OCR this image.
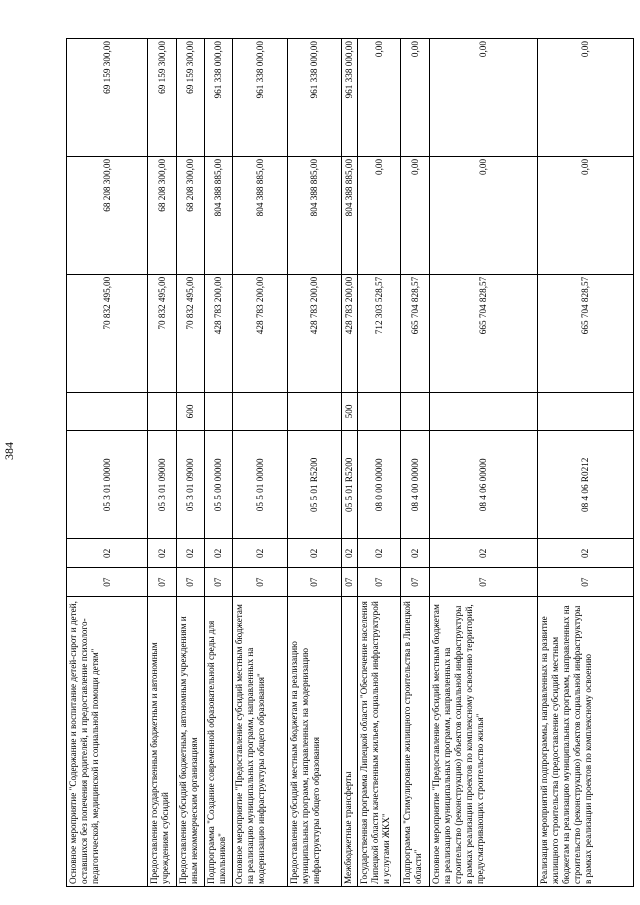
384
Основное мероприятие "Содержание и воспитание детей-сирот и детей, оставшихся без попечения родителей, и предоставление психолого-педагогической, медицинской и социальной помощи детям"	07	02	05 3 01 00000		70 832 495,00	68 208 300,00	69 159 300,00
Предоставление государственным бюджетным и автономным учреждениям субсидий	07	02	05 3 01 09000		70 832 495,00	68 208 300,00	69 159 300,00
Предоставление субсидий бюджетным, автономным учреждениям и иным некоммерческим организациям	07	02	05 3 01 09000	600	70 832 495,00	68 208 300,00	69 159 300,00
Подпрограмма "Создание современной образовательной среды для школьников"	07	02	05 5 00 00000		428 783 200,00	804 388 885,00	961 338 000,00
Основное мероприятие "Предоставление субсидий местным бюджетам на реализацию муниципальных программ, направленных на модернизацию инфраструктуры общего образования"	07	02	05 5 01 00000		428 783 200,00	804 388 885,00	961 338 000,00
Предоставление субсидий местным бюджетам на реализацию муниципальных программ, направленных на модернизацию инфраструктуры общего образования	07	02	05 5 01 R5200		428 783 200,00	804 388 885,00	961 338 000,00
Межбюджетные трансферты	07	02	05 5 01 R5200	500	428 783 200,00	804 388 885,00	961 338 000,00
Государственная программа Липецкой области "Обеспечение населения Липецкой области качественным жильем, социальной инфраструктурой и услугами ЖКХ"	07	02	08 0 00 00000		712 303 528,57	0,00	0,00
Подпрограмма "Стимулирование жилищного строительства в Липецкой области"	07	02	08 4 00 00000		665 704 828,57	0,00	0,00
Основное мероприятие "Предоставление субсидий местным бюджетам на реализацию муниципальных программ, направленных на строительство (реконструкцию) объектов социальной инфраструктуры в рамках реализации проектов по комплексному освоению территорий, предусматривающих строительство жилья"	07	02	08 4 06 00000		665 704 828,57	0,00	0,00
Реализация мероприятий подпрограммы, направленных на развитие жилищного строительства (предоставление субсидий местным бюджетам на реализацию муниципальных программ, направленных на строительство (реконструкцию) объектов социальной инфраструктуры в рамках реализации проектов по комплексному освоению	07	02	08 4 06 R0212		665 704 828,57	0,00	0,00
